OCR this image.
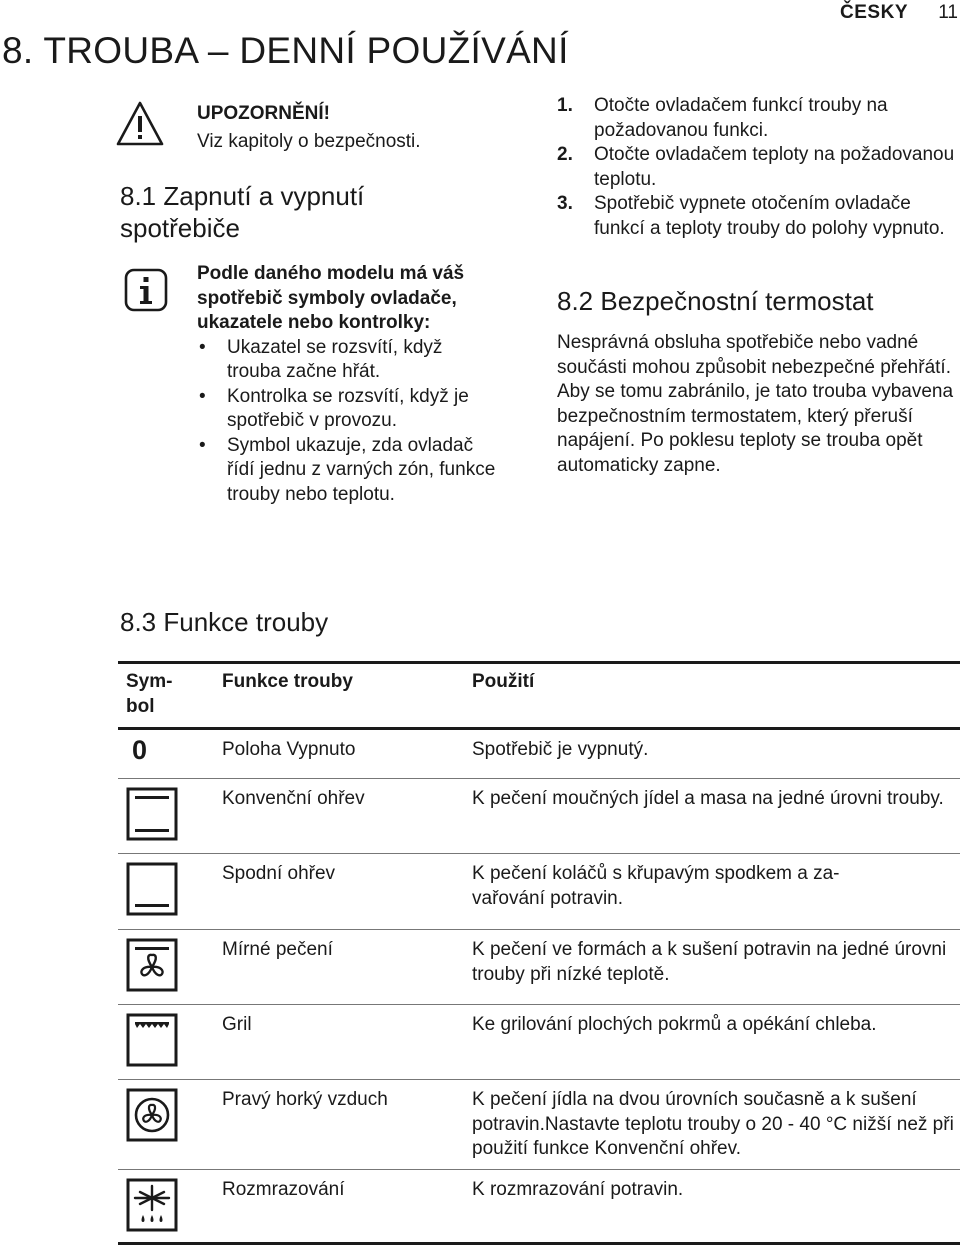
ČESKY 11
8. TROUBA – DENNÍ POUŽÍVÁNÍ
UPOZORNĚNÍ!
Viz kapitoly o bezpečnosti.
8.1 Zapnutí a vypnutí
spotřebiče
Podle daného modelu má váš spotřebič symboly ovladače, ukazatele nebo kontrolky:
• Ukazatel se rozsvítí, když trouba začne hřát.
• Kontrolka se rozsvítí, když je spotřebič v provozu.
• Symbol ukazuje, zda ovladač řídí jednu z varných zón, funkce trouby nebo teplotu.
1. Otočte ovladačem funkcí trouby na požadovanou funkci.
2. Otočte ovladačem teploty na požadovanou teplotu.
3. Spotřebič vypnete otočením ovladače funkcí a teploty trouby do polohy vypnuto.
8.2 Bezpečnostní termostat
Nesprávná obsluha spotřebiče nebo vadné součásti mohou způsobit nebezpečné přehřátí. Aby se tomu zabránilo, je tato trouba vybavena bezpečnostním termostatem, který přeruší napájení. Po poklesu teploty se trouba opět automaticky zapne.
8.3 Funkce trouby
Sym-
bol	Funkce trouby	Použití

0	Poloha Vypnuto	Spotřebič je vypnutý.

	Konvenční ohřev	K pečení moučných jídel a masa na jedné úrovni trouby.

	Spodní ohřev	K pečení koláčů s křupavým spodkem a za-
vařování potravin.

	Mírné pečení	K pečení ve formách a k sušení potravin na jedné úrovni trouby při nízké teplotě.

	Gril	Ke grilování plochých pokrmů a opékání chleba.

	Pravý horký vzduch	K pečení jídla na dvou úrovních současně a k sušení potravin.Nastavte teplotu trouby o 20 - 40 °C nižší než při použití funkce Konvenční ohřev.

	Rozmrazování	K rozmrazování potravin.
